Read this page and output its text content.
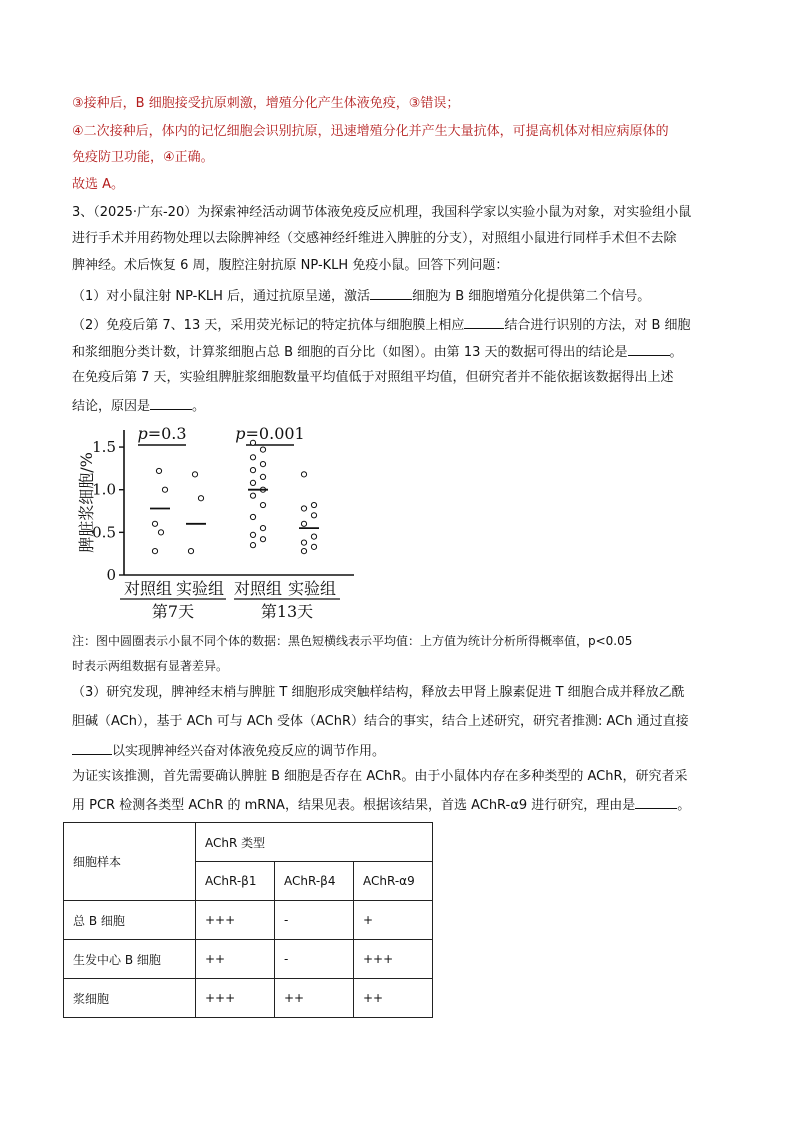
③接种后，B 细胞接受抗原刺激，增殖分化产生体液免疫，③错误；
④二次接种后，体内的记忆细胞会识别抗原，迅速增殖分化并产生大量抗体，可提高机体对相应病原体的
免疫防卫功能，④正确。
故选 A。
3、（2025·广东-20）为探索神经活动调节体液免疫反应机理，我国科学家以实验小鼠为对象，对实验组小鼠
进行手术并用药物处理以去除脾神经（交感神经纤维进入脾脏的分支），对照组小鼠进行同样手术但不去除
脾神经。术后恢复 6 周，腹腔注射抗原 NP-KLH 免疫小鼠。回答下列问题：
（1）对小鼠注射 NP-KLH 后，通过抗原呈递，激活	细胞为 B 细胞增殖分化提供第二个信号。
（2）免疫后第 7、13 天，采用荧光标记的特定抗体与细胞膜上相应	结合进行识别的方法，对 B 细胞
和浆细胞分类计数，计算浆细胞占总 B 细胞的百分比（如图）。由第 13 天的数据可得出的结论是	。
在免疫后第 7 天，实验组脾脏浆细胞数量平均值低于对照组平均值，但研究者并不能依据该数据得出上述
结论，原因是	。
0
0.5
1.0
1.5
脾脏浆细胞/%
对照组 实验组 对照组 实验组
第7天	第13天
p=0.3	p=0.001
注：图中圆圈表示小鼠不同个体的数据：黑色短横线表示平均值：上方值为统计分析所得概率值，p<0.05
时表示两组数据有显著差异。
（3）研究发现，脾神经末梢与脾脏 T 细胞形成突触样结构，释放去甲肾上腺素促进 T 细胞合成并释放乙酰
胆碱（ACh），基于 ACh 可与 ACh 受体（AChR）结合的事实，结合上述研究，研究者推测: ACh 通过直接
以实现脾神经兴奋对体液免疫反应的调节作用。
为证实该推测，首先需要确认脾脏 B 细胞是否存在 AChR。由于小鼠体内存在多种类型的 AChR，研究者采
用 PCR 检测各类型 AChR 的 mRNA，结果见表。根据该结果，首选 AChR-α9 进行研究，理由是	。
细胞样本	AChR 类型		
	AChR-β1	AChR-β4	AChR-α9
总 B 细胞	+++	-	+
生发中心 B 细胞	++	-	+++
浆细胞	+++	++	++
